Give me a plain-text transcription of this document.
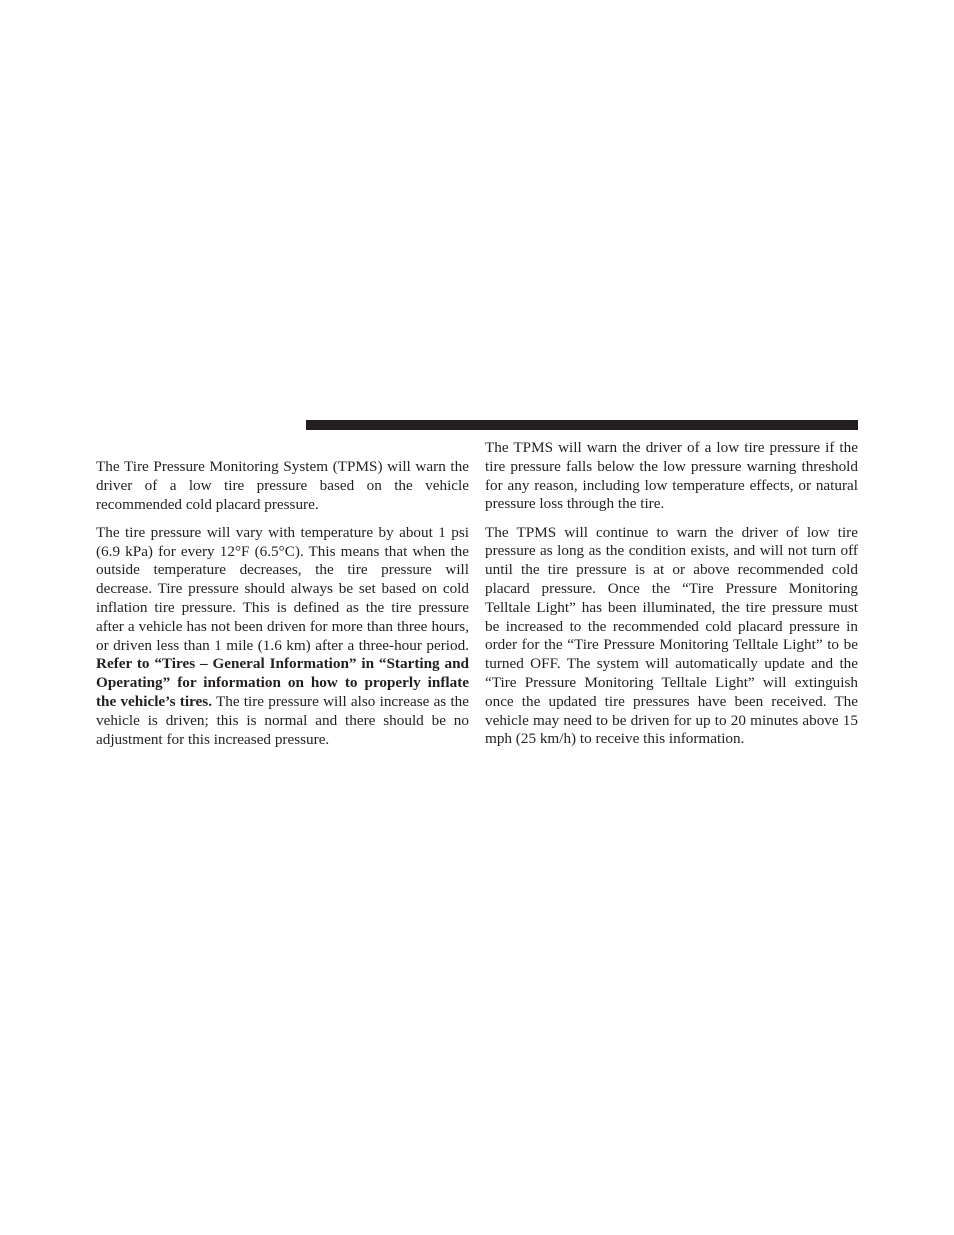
The Tire Pressure Monitoring System (TPMS) will warn the driver of a low tire pressure based on the vehicle recommended cold placard pressure.

The tire pressure will vary with temperature by about 1 psi (6.9 kPa) for every 12°F (6.5°C). This means that when the outside temperature decreases, the tire pressure will decrease. Tire pressure should always be set based on cold inflation tire pressure. This is defined as the tire pressure after a vehicle has not been driven for more than three hours, or driven less than 1 mile (1.6 km) after a three-hour period. Refer to “Tires – General Information” in “Starting and Operating” for information on how to properly inflate the vehicle’s tires. The tire pressure will also increase as the vehicle is driven; this is normal and there should be no adjustment for this increased pressure.

The TPMS will warn the driver of a low tire pressure if the tire pressure falls below the low pressure warning threshold for any reason, including low temperature effects, or natural pressure loss through the tire.

The TPMS will continue to warn the driver of low tire pressure as long as the condition exists, and will not turn off until the tire pressure is at or above recommended cold placard pressure. Once the “Tire Pressure Monitoring Telltale Light” has been illuminated, the tire pressure must be increased to the recommended cold placard pressure in order for the “Tire Pressure Monitoring Telltale Light” to be turned OFF. The system will automatically update and the “Tire Pressure Monitoring Telltale Light” will extinguish once the updated tire pressures have been received. The vehicle may need to be driven for up to 20 minutes above 15 mph (25 km/h) to receive this information.
